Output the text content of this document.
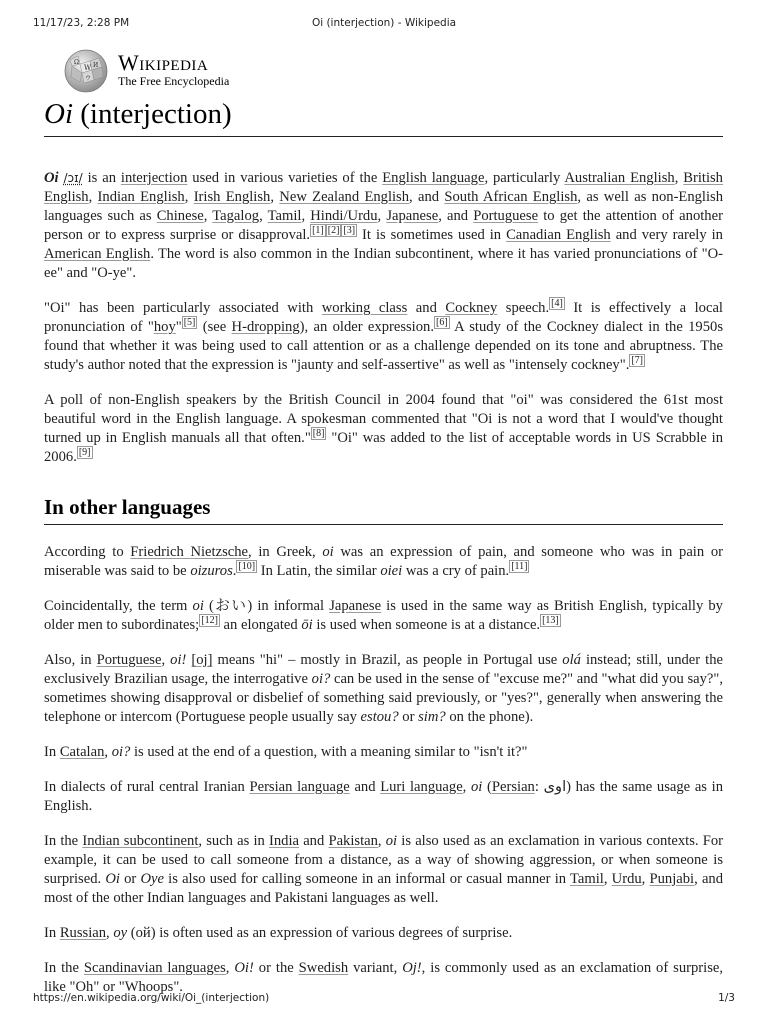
11/17/23, 2:28 PM	Oi (interjection) - Wikipedia
Ω
W И
ウ
Wikipedia
The Free Encyclopedia
Oi (interjection)

Oi /ɔɪ/ is an interjection used in various varieties of the English language, particularly Australian English, British English, Indian English, Irish English, New Zealand English, and South African English, as well as non-English languages such as Chinese, Tagalog, Tamil, Hindi/Urdu, Japanese, and Portuguese to get the attention of another person or to express surprise or disapproval. [1] [2] [3] It is sometimes used in Canadian English and very rarely in American English. The word is also common in the Indian subcontinent, where it has varied pronunciations of "O-ee" and "O-ye".

"Oi" has been particularly associated with working class and Cockney speech. [4] It is effectively a local pronunciation of "hoy" [5] (see H-dropping), an older expression. [6] A study of the Cockney dialect in the 1950s found that whether it was being used to call attention or as a challenge depended on its tone and abruptness. The study's author noted that the expression is "jaunty and self-assertive" as well as "intensely cockney". [7]

A poll of non-English speakers by the British Council in 2004 found that "oi" was considered the 61st most beautiful word in the English language. A spokesman commented that "Oi is not a word that I would've thought turned up in English manuals all that often." [8] "Oi" was added to the list of acceptable words in US Scrabble in 2006. [9]

In other languages

According to Friedrich Nietzsche, in Greek, oi was an expression of pain, and someone who was in pain or miserable was said to be oizuros. [10] In Latin, the similar oiei was a cry of pain. [11]

Coincidentally, the term oi (おい) in informal Japanese is used in the same way as British English, typically by older men to subordinates; [12] an elongated ōi is used when someone is at a distance. [13]

Also, in Portuguese, oi! [oj] means "hi" – mostly in Brazil, as people in Portugal use olá instead; still, under the exclusively Brazilian usage, the interrogative oi? can be used in the sense of "excuse me?" and "what did you say?", sometimes showing disapproval or disbelief of something said previously, or "yes?", generally when answering the telephone or intercom (Portuguese people usually say estou? or sim? on the phone).

In Catalan, oi? is used at the end of a question, with a meaning similar to "isn't it?"

In dialects of rural central Iranian Persian language and Luri language, oi (Persian: اوی) has the same usage as in English.

In the Indian subcontinent, such as in India and Pakistan, oi is also used as an exclamation in various contexts. For example, it can be used to call someone from a distance, as a way of showing aggression, or when someone is surprised. Oi or Oye is also used for calling someone in an informal or casual manner in Tamil, Urdu, Punjabi, and most of the other Indian languages and Pakistani languages as well.

In Russian, oy (ой) is often used as an expression of various degrees of surprise.

In the Scandinavian languages, Oi! or the Swedish variant, Oj!, is commonly used as an exclamation of surprise, like "Oh" or "Whoops".

https://en.wikipedia.org/wiki/Oi_(interjection)	1/3
